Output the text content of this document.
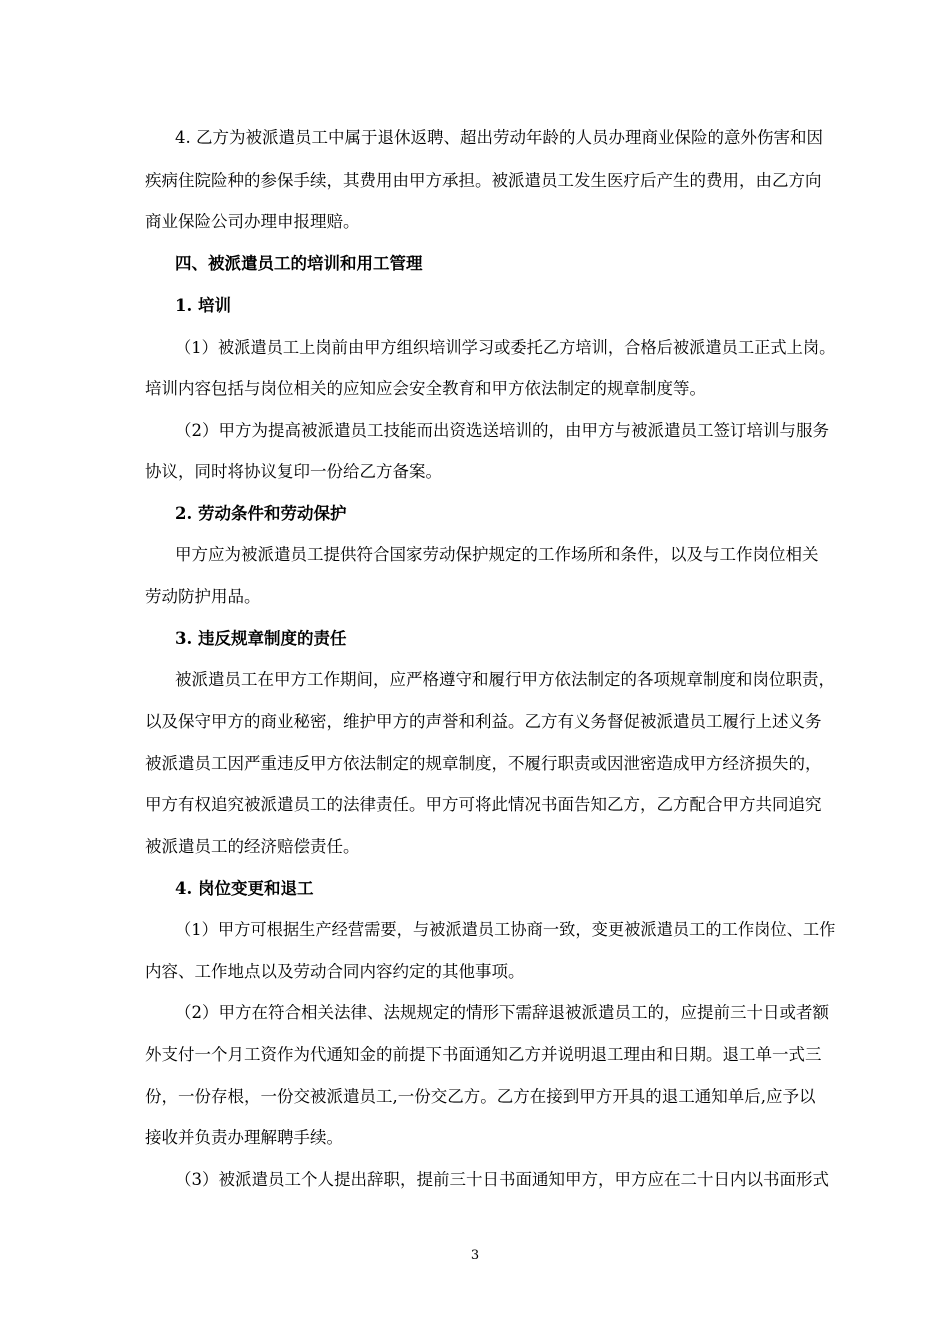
4. 乙方为被派遣员工中属于退休返聘、超出劳动年龄的人员办理商业保险的意外伤害和因
疾病住院险种的参保手续，其费用由甲方承担。被派遣员工发生医疗后产生的费用，由乙方向
商业保险公司办理申报理赔。
四、被派遣员工的培训和用工管理
1. 培训
（1）被派遣员工上岗前由甲方组织培训学习或委托乙方培训，合格后被派遣员工正式上岗。
培训内容包括与岗位相关的应知应会安全教育和甲方依法制定的规章制度等。
（2）甲方为提高被派遣员工技能而出资选送培训的，由甲方与被派遣员工签订培训与服务
协议，同时将协议复印一份给乙方备案。
2. 劳动条件和劳动保护
甲方应为被派遣员工提供符合国家劳动保护规定的工作场所和条件，以及与工作岗位相关
劳动防护用品。
3. 违反规章制度的责任
被派遣员工在甲方工作期间，应严格遵守和履行甲方依法制定的各项规章制度和岗位职责，
以及保守甲方的商业秘密，维护甲方的声誉和利益。乙方有义务督促被派遣员工履行上述义务
被派遣员工因严重违反甲方依法制定的规章制度，不履行职责或因泄密造成甲方经济损失的，
甲方有权追究被派遣员工的法律责任。甲方可将此情况书面告知乙方，乙方配合甲方共同追究
被派遣员工的经济赔偿责任。
4. 岗位变更和退工
（1）甲方可根据生产经营需要，与被派遣员工协商一致，变更被派遣员工的工作岗位、工作
内容、工作地点以及劳动合同内容约定的其他事项。
（2）甲方在符合相关法律、法规规定的情形下需辞退被派遣员工的，应提前三十日或者额
外支付一个月工资作为代通知金的前提下书面通知乙方并说明退工理由和日期。退工单一式三
份，一份存根，一份交被派遣员工,一份交乙方。乙方在接到甲方开具的退工通知单后,应予以
接收并负责办理解聘手续。
（3）被派遣员工个人提出辞职，提前三十日书面通知甲方，甲方应在二十日内以书面形式
3
